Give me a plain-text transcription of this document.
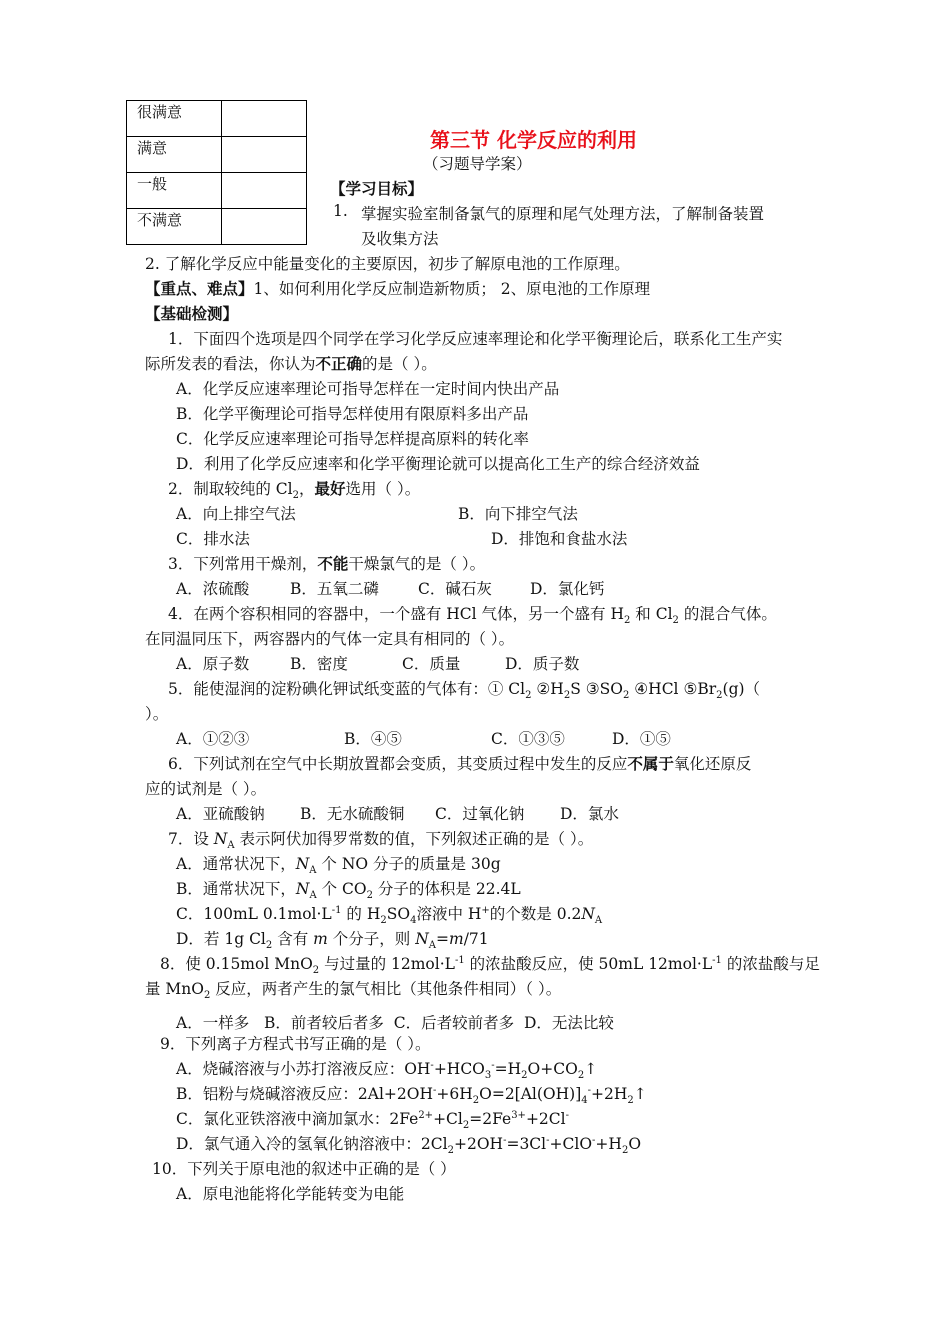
很满意	
满意	
一般	
不满意	
第三节 化学反应的利用
（习题导学案）
【学习目标】
1. 掌握实验室制备氯气的原理和尾气处理方法，了解制备装置
及收集方法
2. 了解化学反应中能量变化的主要原因，初步了解原电池的工作原理。
【重点、难点】1、如何利用化学反应制造新物质； 2、原电池的工作原理
【基础检测】
1．下面四个选项是四个同学在学习化学反应速率理论和化学平衡理论后，联系化工生产实
际所发表的看法，你认为不正确的是（ ）。
A．化学反应速率理论可指导怎样在一定时间内快出产品
B．化学平衡理论可指导怎样使用有限原料多出产品
C．化学反应速率理论可指导怎样提高原料的转化率
D．利用了化学反应速率和化学平衡理论就可以提高化工生产的综合经济效益
2．制取较纯的 $Cl_2$，最好选用（ ）。
A．向上排空气法	B．向下排空气法
C．排水法	D．排饱和食盐水法
3．下列常用干燥剂，不能干燥氯气的是（ ）。
A．浓硫酸	B．五氧二磷	C．碱石灰 D．氯化钙
4．在两个容积相同的容器中，一个盛有 HCl 气体，另一个盛有 $H_2$ 和 $Cl_2$ 的混合气体。
在同温同压下，两容器内的气体一定具有相同的（ ）。
A．原子数	B．密度	C．质量	D．质子数
5．能使湿润的淀粉碘化钾试纸变蓝的气体有：① $Cl_2$ $②H_2S$ $③SO_2$ ④HCl $⑤Br_2(g)$（
）。
A．①②③	B．④⑤	C．①③⑤	D．①⑤
6．下列试剂在空气中长期放置都会变质，其变质过程中发生的反应不属于氧化还原反
应的试剂是（ ）。
A．亚硫酸钠 B．无水硫酸铜 C．过氧化钠 D．氯水
7．设 $N_A$ 表示阿伏加得罗常数的值，下列叙述正确的是（ ）。
A．通常状况下，$N_A$ 个 NO 分子的质量是 30g
B．通常状况下，$N_A$ 个 $CO_2$ 分子的体积是 22.4L
C．100mL $0.1mol\cdot L^{-1}$ 的 $H_2SO_4$溶液中 H+的个数是 $0.2N_A$
D．若 1g $Cl_2$ 含有 m 个分子，则 $N_A=m/71$
8．使 0.15mol MnO$_2$ 与过量的 $12mol\cdot L^{-1}$ 的浓盐酸反应，使 50mL $12mol\cdot L^{-1}$ 的浓盐酸与足
量 MnO$_2$ 反应，两者产生的氯气相比（其他条件相同）（ ）。
A．一样多 B．前者较后者多 C．后者较前者多 D．无法比较
9．下列离子方程式书写正确的是（ ）。
A．烧碱溶液与小苏打溶液反应：$OH^-+HCO_3^-=H_2O+CO_2↑$
B．铝粉与烧碱溶液反应：$2Al+2OH^-+6H_2O=2[Al(OH)]_4^-+2H_2↑$
C．氯化亚铁溶液中滴加氯水：$2Fe^{2+}+Cl_2=2Fe^{3+}+2Cl^-$
D．氯气通入冷的氢氧化钠溶液中：$2Cl_2+2OH^-=3Cl^-+ClO^-+H_2O$
10．下列关于原电池的叙述中正确的是（ ）
A．原电池能将化学能转变为电能
